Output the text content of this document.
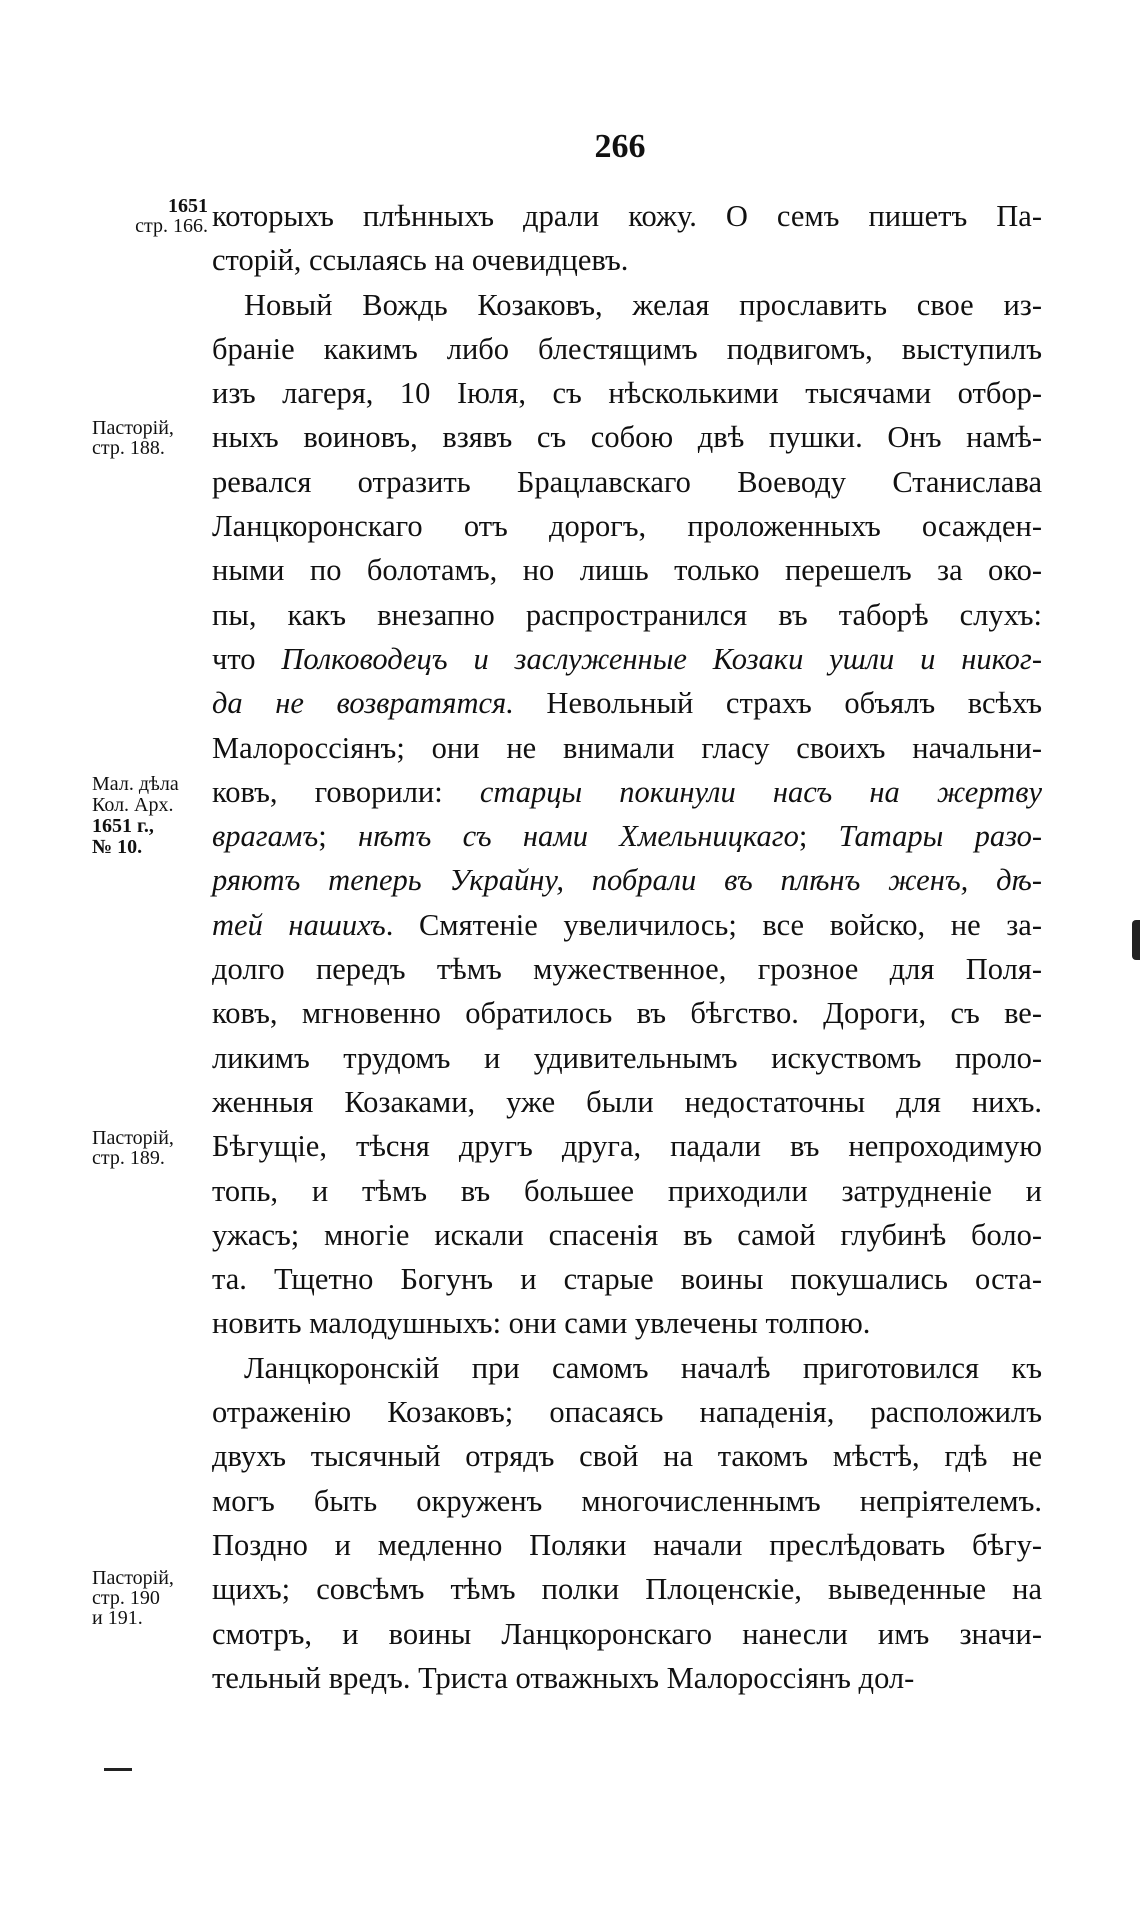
266
1651
стр. 166.
Пасторій,
стр. 188.
Мал. дѣла
Кол. Арх.
1651 г.,
№ 10.
Пасторій,
стр. 189.
Пасторій,
стр. 190
и 191.
которыхъ плѣнныхъ драли кожу. О семъ пишетъ Па-
сторій, ссылаясь на очевидцевъ.
Новый Вождь Козаковъ, желая прославить свое из-
браніе какимъ либо блестящимъ подвигомъ, выступилъ
изъ лагеря, 10 Іюля, съ нѣсколькими тысячами отбор-
ныхъ воиновъ, взявъ съ собою двѣ пушки. Онъ намѣ-
ревался отразить Брацлавскаго Воеводу Станислава
Ланцкоронскаго отъ дорогъ, проложенныхъ осажден-
ными по болотамъ, но лишь только перешелъ за око-
пы, какъ внезапно распространился въ таборѣ слухъ:
что Полководецъ и заслуженные Козаки ушли и никог-
да не возвратятся. Невольный страхъ объялъ всѣхъ
Малороссіянъ; они не внимали гласу своихъ начальни-
ковъ, говорили: старцы покинули насъ на жертву
врагамъ; нѣтъ съ нами Хмельницкаго; Татары разо-
ряютъ теперь Украйну, побрали въ плѣнъ женъ, дѣ-
тей нашихъ. Смятеніе увеличилось; все войско, не за-
долго передъ тѣмъ мужественное, грозное для Поля-
ковъ, мгновенно обратилось въ бѣгство. Дороги, съ ве-
ликимъ трудомъ и удивительнымъ искуствомъ проло-
женныя Козаками, уже были недостаточны для нихъ.
Бѣгущіе, тѣсня другъ друга, падали въ непроходимую
топь, и тѣмъ въ большее приходили затрудненіе и
ужасъ; многіе искали спасенія въ самой глубинѣ боло-
та. Тщетно Богунъ и старые воины покушались оста-
новить малодушныхъ: они сами увлечены толпою.
Ланцкоронскій при самомъ началѣ приготовился къ
отраженію Козаковъ; опасаясь нападенія, расположилъ
двухъ тысячный отрядъ свой на такомъ мѣстѣ, гдѣ не
могъ быть окруженъ многочисленнымъ непріятелемъ.
Поздно и медленно Поляки начали преслѣдовать бѣгу-
щихъ; совсѣмъ тѣмъ полки Плоценскіе, выведенные на
смотръ, и воины Ланцкоронскаго нанесли имъ значи-
тельный вредъ. Триста отважныхъ Малороссіянъ дол-
